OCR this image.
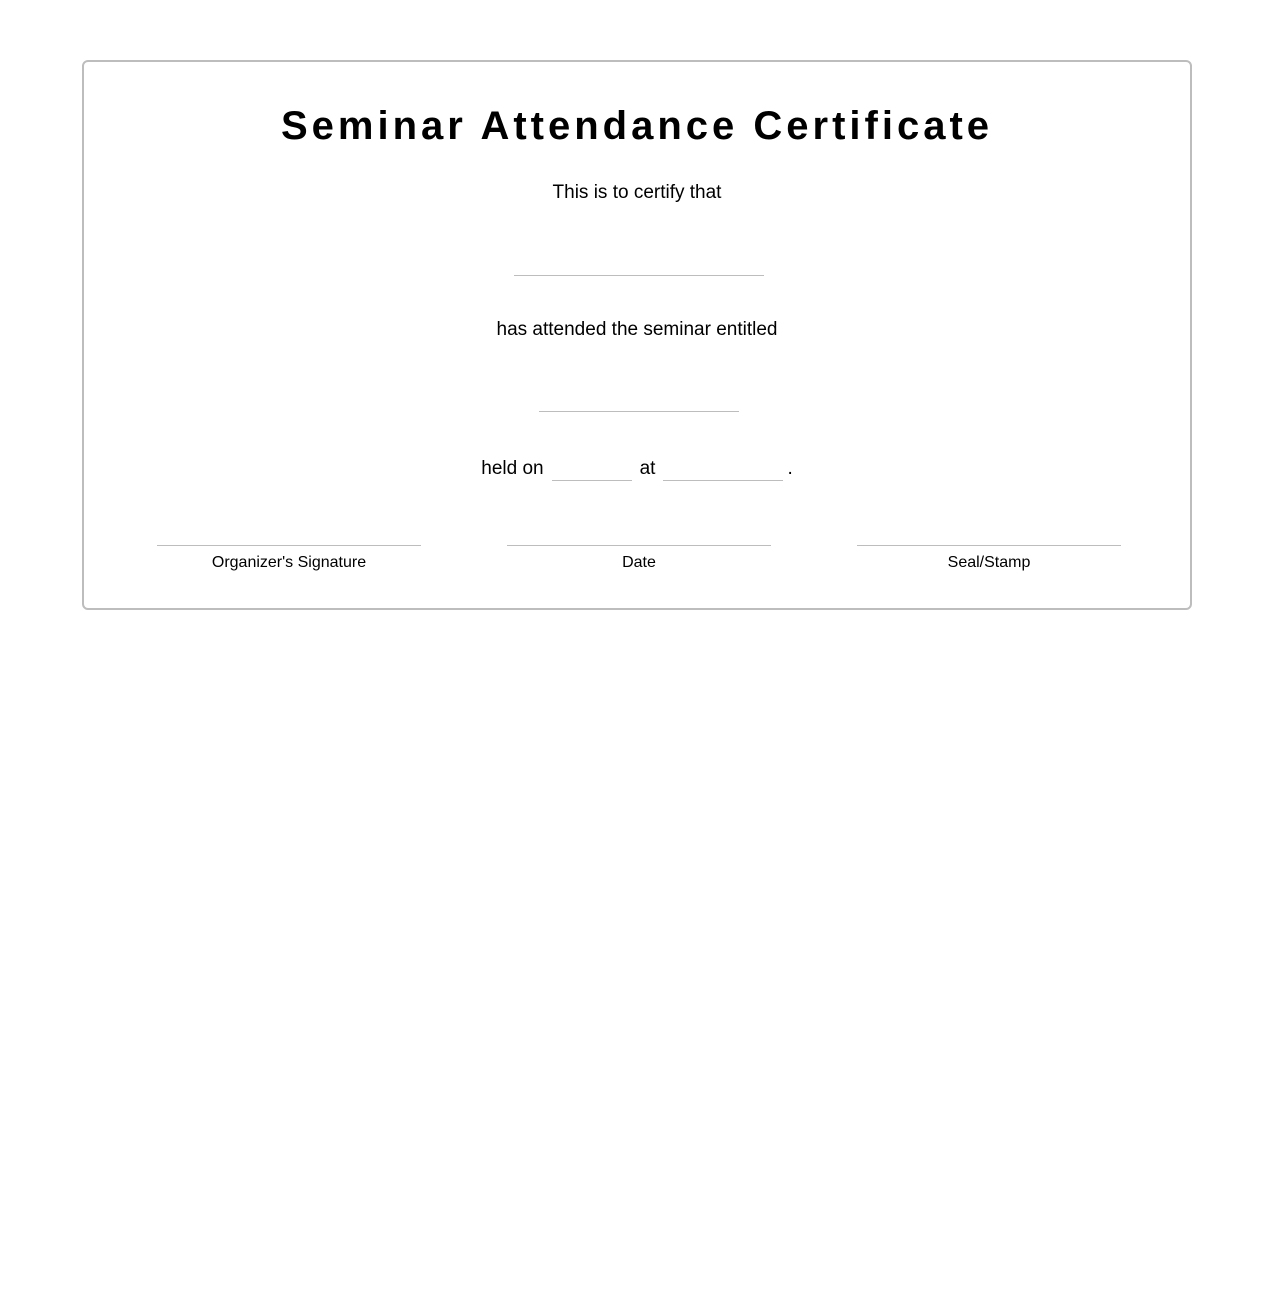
Seminar Attendance Certificate
This is to certify that
has attended the seminar entitled
held on	at	.
Organizer's Signature	Date	Seal/Stamp
